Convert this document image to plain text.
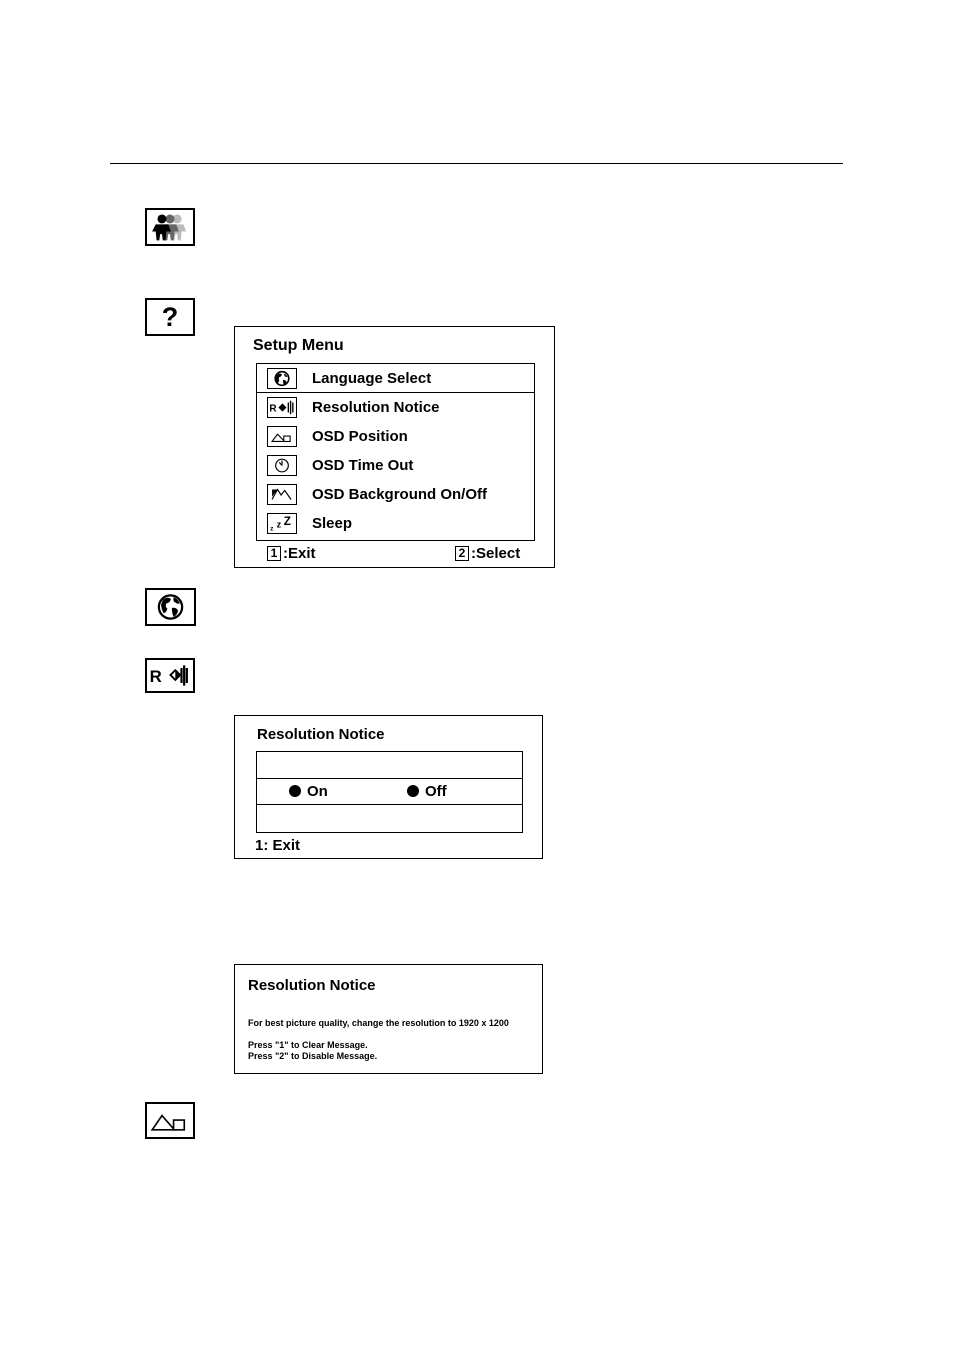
?
R
Setup Menu
Language Select
R Resolution Notice
OSD Position
OSD Time Out
OSD Background On/Off
z z Z Sleep
1 :Exit	2 :Select
Resolution Notice
On	Off
1: Exit
Resolution Notice
For best picture quality, change the resolution to 1920 x 1200
Press "1" to Clear Message.
Press "2" to Disable Message.
